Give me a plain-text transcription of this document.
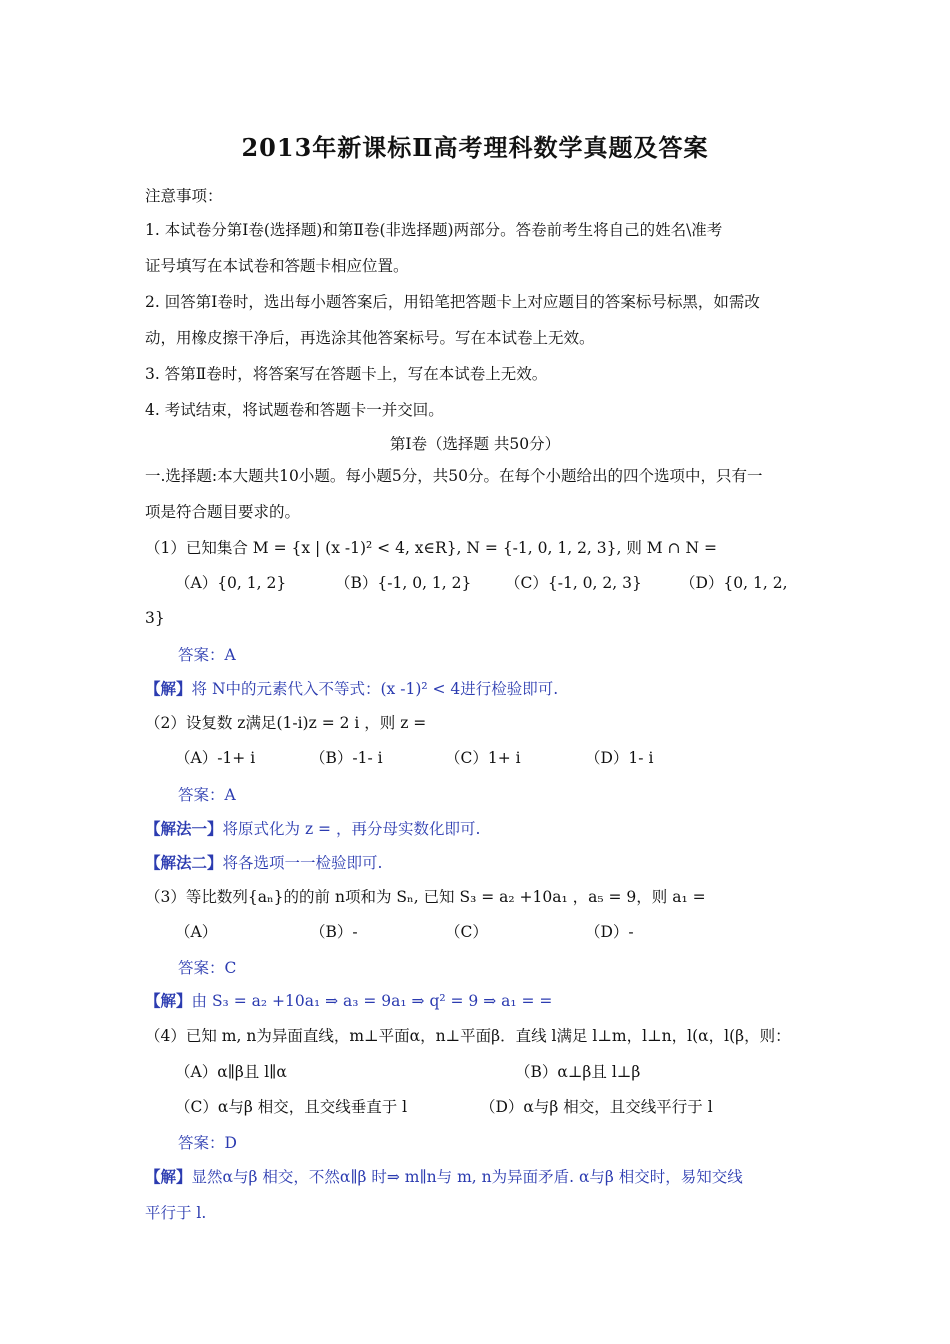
2013年新课标Ⅱ高考理科数学真题及答案
注意事项：
1. 本试卷分第Ⅰ卷(选择题)和第Ⅱ卷(非选择题)两部分。答卷前考生将自己的姓名\准考
证号填写在本试卷和答题卡相应位置。
2. 回答第Ⅰ卷时，选出每小题答案后，用铅笔把答题卡上对应题目的答案标号标黑，如需改
动，用橡皮擦干净后，再选涂其他答案标号。写在本试卷上无效。
3. 答第Ⅱ卷时，将答案写在答题卡上，写在本试卷上无效。
4. 考试结束，将试题卷和答题卡一并交回。
第Ⅰ卷（选择题 共50分）
一.选择题:本大题共10小题。每小题5分，共50分。在每个小题给出的四个选项中，只有一
项是符合题目要求的。
（1）已知集合 M = {x | (x -1)² < 4, x∈R}, N = {-1, 0, 1, 2, 3}, 则 M ∩ N =
（A）{0, 1, 2}	（B）{-1, 0, 1, 2} （C）{-1, 0, 2, 3} （D）{0, 1, 2,
3}
答案：A
【解】将 N中的元素代入不等式：(x -1)² < 4进行检验即可.
（2）设复数 z满足(1-i)z = 2 i ，则 z =
（A）-1+ i	（B）-1- i	（C）1+ i	（D）1- i
答案：A
【解法一】将原式化为 z = ，再分母实数化即可.
【解法二】将各选项一一检验即可.
（3）等比数列{aₙ}的的前 n项和为 Sₙ, 已知 S₃ = a₂ +10a₁ ，a₅ = 9，则 a₁ =
（A）	（B）-	（C）	（D）-
答案：C
【解】由 S₃ = a₂ +10a₁ ⇒ a₃ = 9a₁ ⇒ q² = 9 ⇒ a₁ = =
（4）已知 m, n为异面直线，m⊥平面α，n⊥平面β．直线 l满足 l⊥m，l⊥n，l(α，l(β，则：
（A）α∥β且 l∥α	（B）α⊥β且 l⊥β
（C）α与β 相交，且交线垂直于 l	（D）α与β 相交，且交线平行于 l
答案：D
【解】显然α与β 相交，不然α∥β 时⇒ m∥n与 m, n为异面矛盾. α与β 相交时，易知交线
平行于 l.
